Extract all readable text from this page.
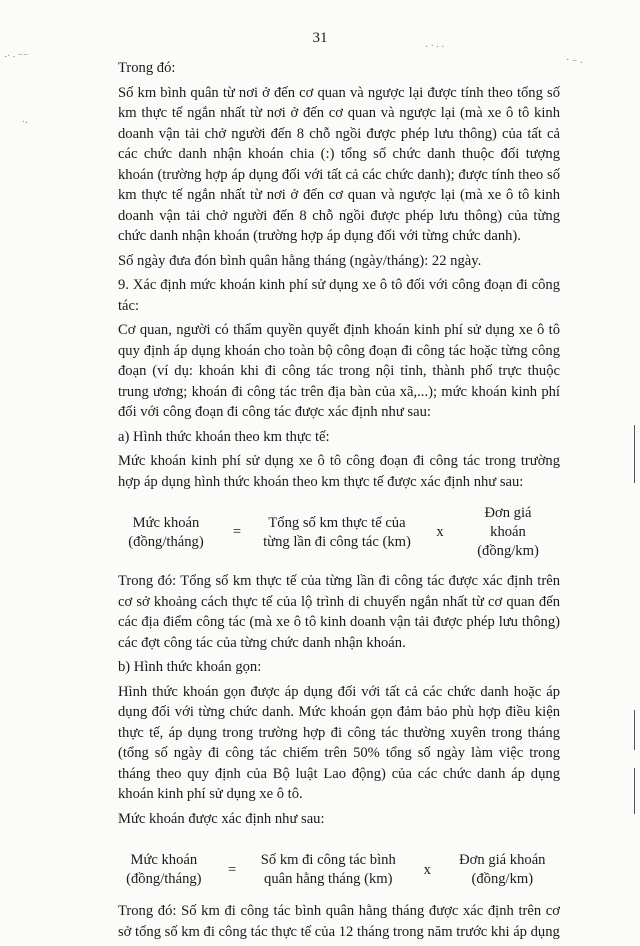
31
·ˑ ∙ ⁻⁻
ˑ·
· ˑ ∙ ·
˙ ⁻ ·

Trong đó:

Số km bình quân từ nơi ở đến cơ quan và ngược lại được tính theo tổng số km thực tế ngắn nhất từ nơi ở đến cơ quan và ngược lại (mà xe ô tô kinh doanh vận tải chở người đến 8 chỗ ngồi được phép lưu thông) của tất cả các chức danh nhận khoán chia (:) tổng số chức danh thuộc đối tượng khoán (trường hợp áp dụng đối với tất cả các chức danh); được tính theo số km thực tế ngắn nhất từ nơi ở đến cơ quan và ngược lại (mà xe ô tô kinh doanh vận tải chở người đến 8 chỗ ngồi được phép lưu thông) của từng chức danh nhận khoán (trường hợp áp dụng đối với từng chức danh).

Số ngày đưa đón bình quân hằng tháng (ngày/tháng): 22 ngày.

9. Xác định mức khoán kinh phí sử dụng xe ô tô đối với công đoạn đi công tác:

Cơ quan, người có thẩm quyền quyết định khoán kinh phí sử dụng xe ô tô quy định áp dụng khoán cho toàn bộ công đoạn đi công tác hoặc từng công đoạn (ví dụ: khoán khi đi công tác trong nội tỉnh, thành phố trực thuộc trung ương; khoán đi công tác trên địa bàn của xã,...); mức khoán kinh phí đối với công đoạn đi công tác được xác định như sau:

a) Hình thức khoán theo km thực tế:

Mức khoán kinh phí sử dụng xe ô tô công đoạn đi công tác trong trường hợp áp dụng hình thức khoán theo km thực tế được xác định như sau:

Mức khoán
(đồng/tháng)
=
Tổng số km thực tế của
từng lần đi công tác (km)
x
Đơn giá
khoán
(đồng/km)

Trong đó: Tổng số km thực tế của từng lần đi công tác được xác định trên cơ sở khoảng cách thực tế của lộ trình di chuyển ngắn nhất từ cơ quan đến các địa điểm công tác (mà xe ô tô kinh doanh vận tải được phép lưu thông) các đợt công tác của từng chức danh nhận khoán.

b) Hình thức khoán gọn:

Hình thức khoán gọn được áp dụng đối với tất cả các chức danh hoặc áp dụng đối với từng chức danh. Mức khoán gọn đảm bảo phù hợp điều kiện thực tế, áp dụng trong trường hợp đi công tác thường xuyên trong tháng (tổng số ngày đi công tác chiếm trên 50% tổng số ngày làm việc trong tháng theo quy định của Bộ luật Lao động) của các chức danh áp dụng khoán kinh phí sử dụng xe ô tô.

Mức khoán được xác định như sau:

Mức khoán
(đồng/tháng)
=
Số km đi công tác bình
quân hằng tháng (km)
x
Đơn giá khoán
(đồng/km)

Trong đó: Số km đi công tác bình quân hằng tháng được xác định trên cơ sở tổng số km đi công tác thực tế của 12 tháng trong năm trước khi áp dụng
